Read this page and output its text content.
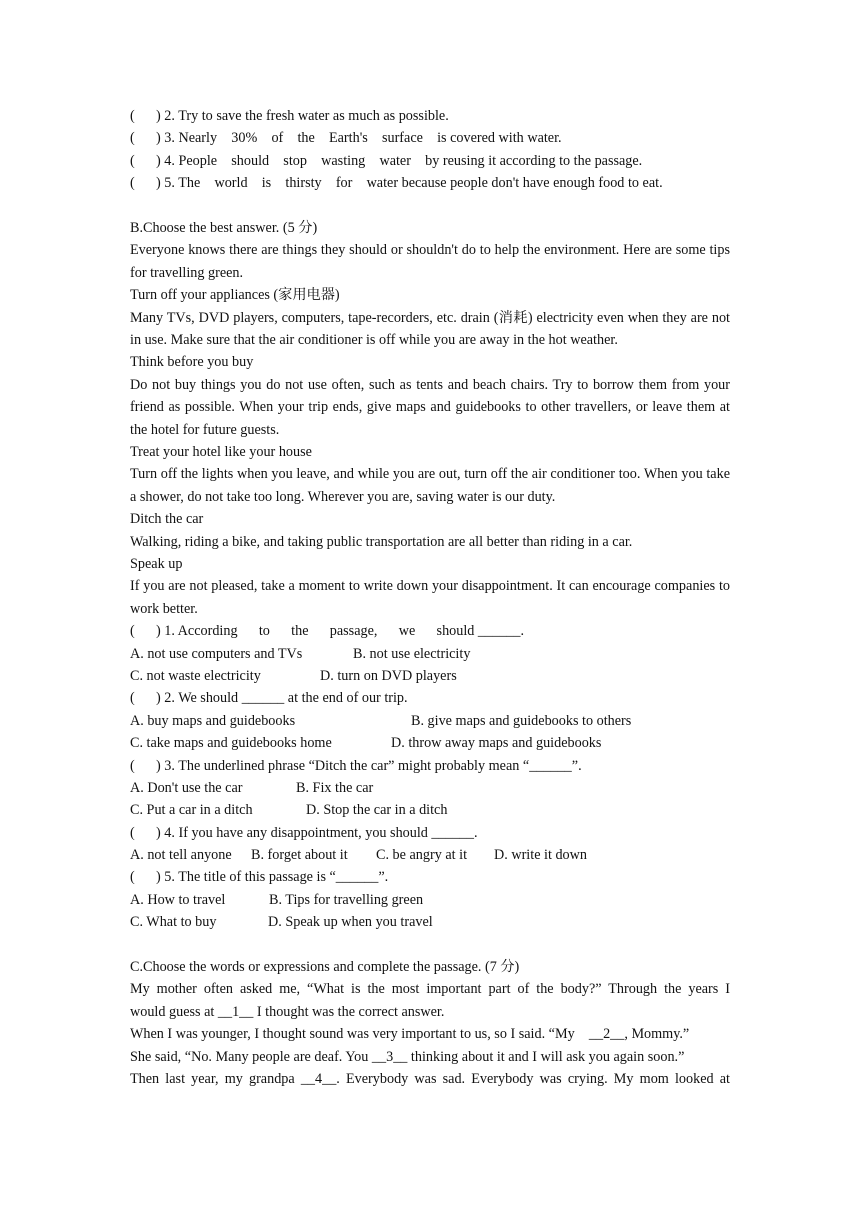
(      ) 2. Try to save the fresh water as much as possible.
(      ) 3. Nearly    30%    of    the    Earth's    surface    is covered with water.
(      ) 4. People    should    stop    wasting    water    by reusing it according to the passage.
(      ) 5. The    world    is    thirsty    for    water because people don't have enough food to eat.
B.Choose the best answer. (5 分)
Everyone knows there are things they should or shouldn't do to help the environment. Here are some tips for travelling green.
Turn off your appliances (家用电器)
Many TVs, DVD players, computers, tape-recorders, etc. drain (消耗) electricity even when they are not in use. Make sure that the air conditioner is off while you are away in the hot weather.
Think before you buy
Do not buy things you do not use often, such as tents and beach chairs. Try to borrow them from your friend as possible. When your trip ends, give maps and guidebooks to other travellers, or leave them at the hotel for future guests.
Treat your hotel like your house
Turn off the lights when you leave, and while you are out, turn off the air conditioner too. When you take a shower, do not take too long. Wherever you are, saving water is our duty.
Ditch the car
Walking, riding a bike, and taking public transportation are all better than riding in a car.
Speak up
If you are not pleased, take a moment to write down your disappointment. It can encourage companies to work better.
(      ) 1. According      to      the      passage,      we      should ______.
A. not use computers and TVs	B. not use electricity
C. not waste electricity	D. turn on DVD players
(      ) 2. We should ______ at the end of our trip.
A. buy maps and guidebooks	B. give maps and guidebooks to others
C. take maps and guidebooks home	D. throw away maps and guidebooks
(      ) 3. The underlined phrase “Ditch the car” might probably mean “______”.
A. Don't use the car	B. Fix the car
C. Put a car in a ditch	D. Stop the car in a ditch
(      ) 4. If you have any disappointment, you should ______.
A. not tell anyone	B. forget about it	C. be angry at it	D. write it down
(      ) 5. The title of this passage is “______”.
A. How to travel	B. Tips for travelling green
C. What to buy	D. Speak up when you travel
C.Choose the words or expressions and complete the passage. (7 分)
My mother often asked me, “What is the most important part of the body?” Through the years I
would guess at __1__ I thought was the correct answer.
When I was younger, I thought sound was very important to us, so I said. “My    __2__, Mommy.”
She said, “No. Many people are deaf. You __3__ thinking about it and I will ask you again soon.”
Then last year, my grandpa __4__. Everybody was sad. Everybody was crying. My mom looked at
